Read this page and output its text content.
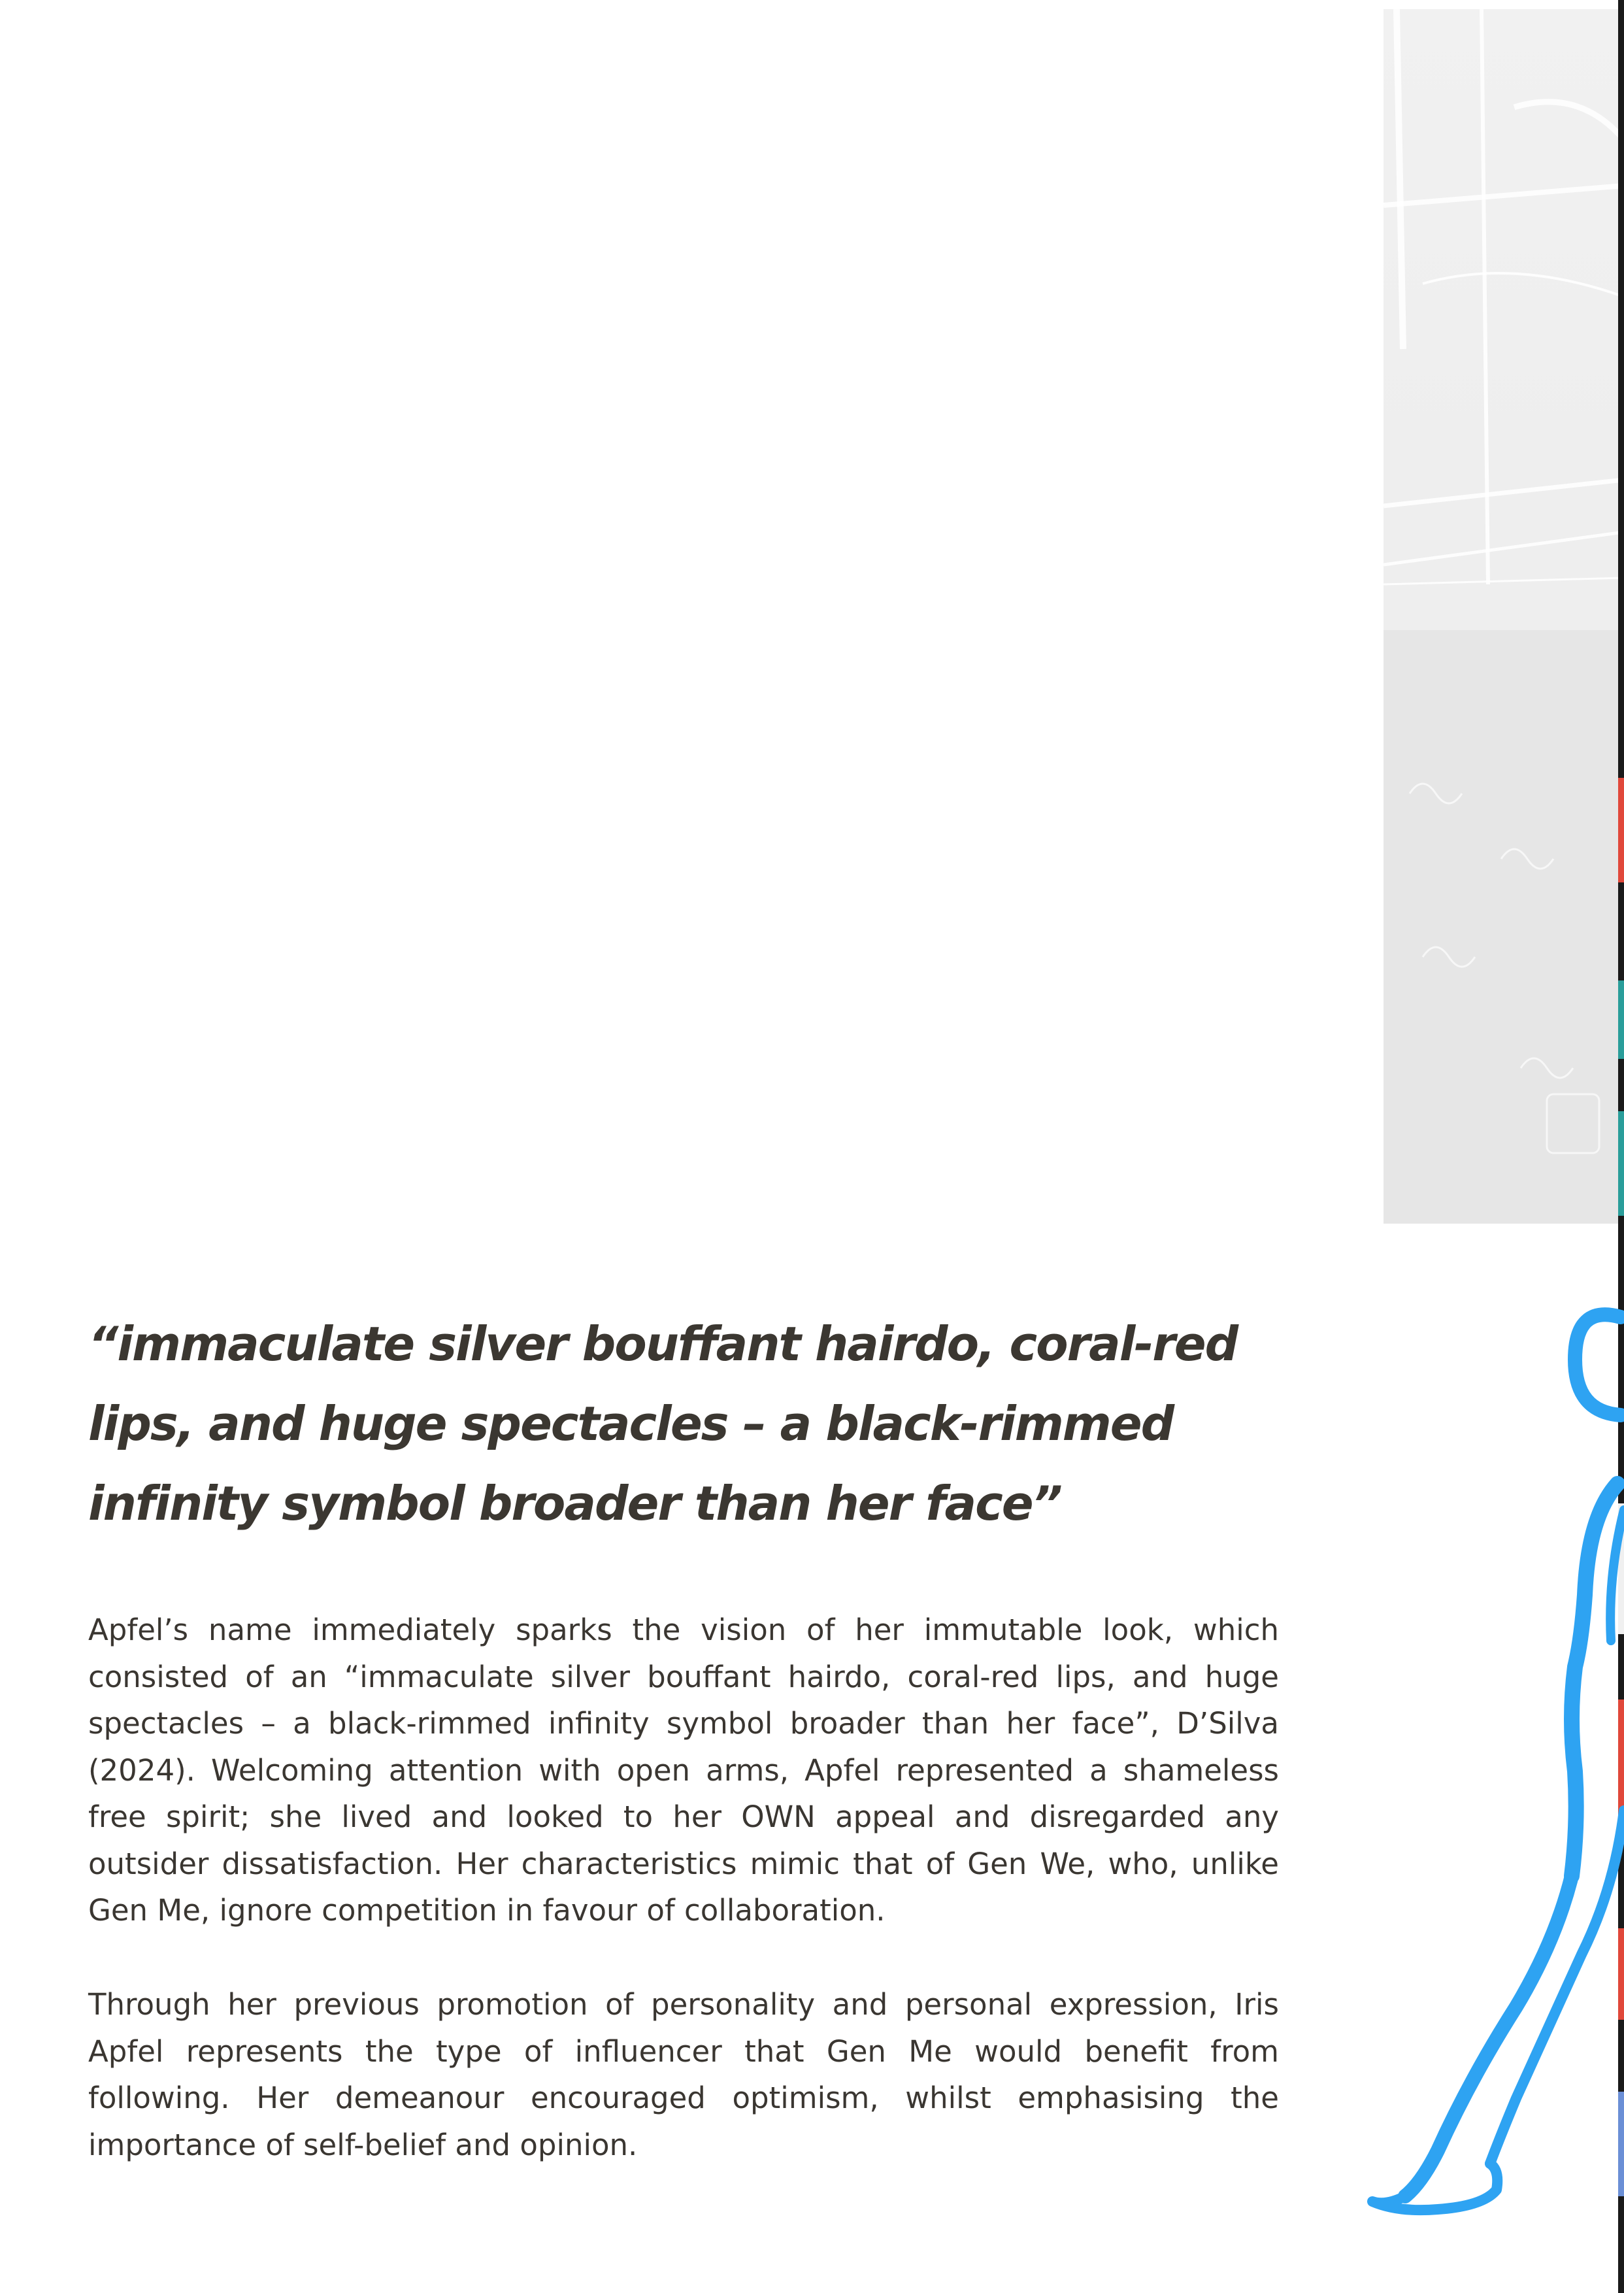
“immaculate silver bouffant hairdo, coral-red
lips, and huge spectacles – a black-rimmed
infinity symbol broader than her face”

Apfel’s name immediately sparks the vision of her immutable look, which consisted of an “immaculate silver bouffant hairdo, coral-red lips, and huge spectacles – a black-rimmed infinity symbol broader than her face”, D’Silva (2024). Welcoming attention with open arms, Apfel represented a shameless free spirit; she lived and looked to her OWN appeal and disregarded any outsider dissatisfaction. Her characteristics mimic that of Gen We, who, unlike Gen Me, ignore competition in favour of collaboration.

Through her previous promotion of personality and personal expression, Iris Apfel represents the type of influencer that Gen Me would benefit from following. Her demeanour encouraged optimism, whilst emphasising the importance of self-belief and opinion.
